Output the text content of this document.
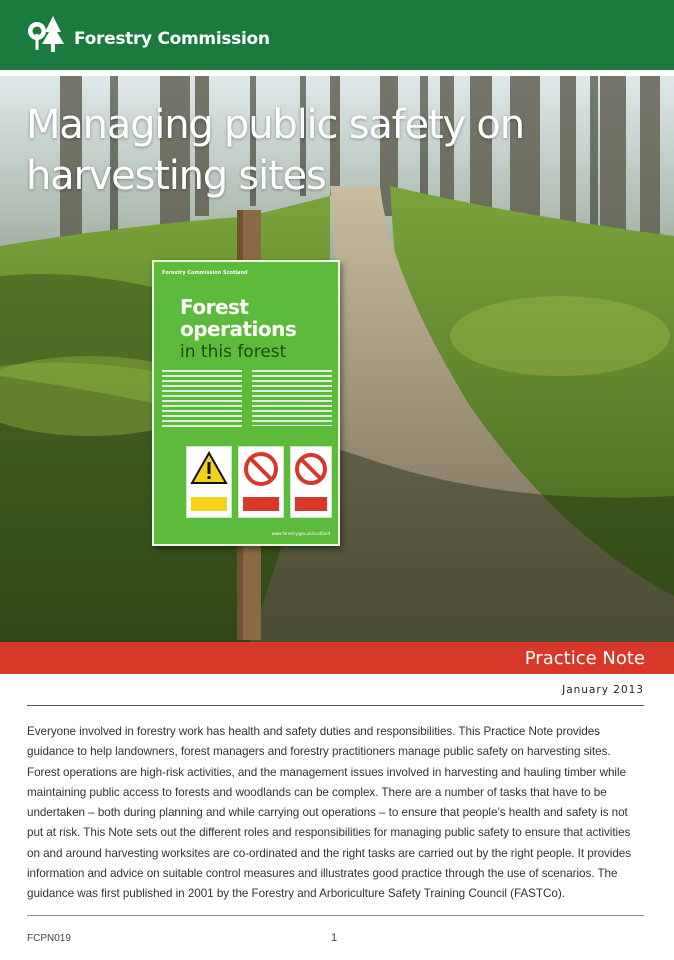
Forestry Commission
Managing public safety on harvesting sites
Forestry Commission Scotland
Forest operations
in this forest
www.forestry.gov.uk/scotland
Practice Note
January 2013
Everyone involved in forestry work has health and safety duties and responsibilities. This Practice Note provides guidance to help landowners, forest managers and forestry practitioners manage public safety on harvesting sites. Forest operations are high-risk activities, and the management issues involved in harvesting and hauling timber while maintaining public access to forests and woodlands can be complex. There are a number of tasks that have to be undertaken – both during planning and while carrying out operations – to ensure that people’s health and safety is not put at risk. This Note sets out the different roles and responsibilities for managing public safety to ensure that activities on and around harvesting worksites are co-ordinated and the right tasks are carried out by the right people. It provides information and advice on suitable control measures and illustrates good practice through the use of scenarios. The guidance was first published in 2001 by the Forestry and Arboriculture Safety Training Council (FASTCo).
FCPN019	1
